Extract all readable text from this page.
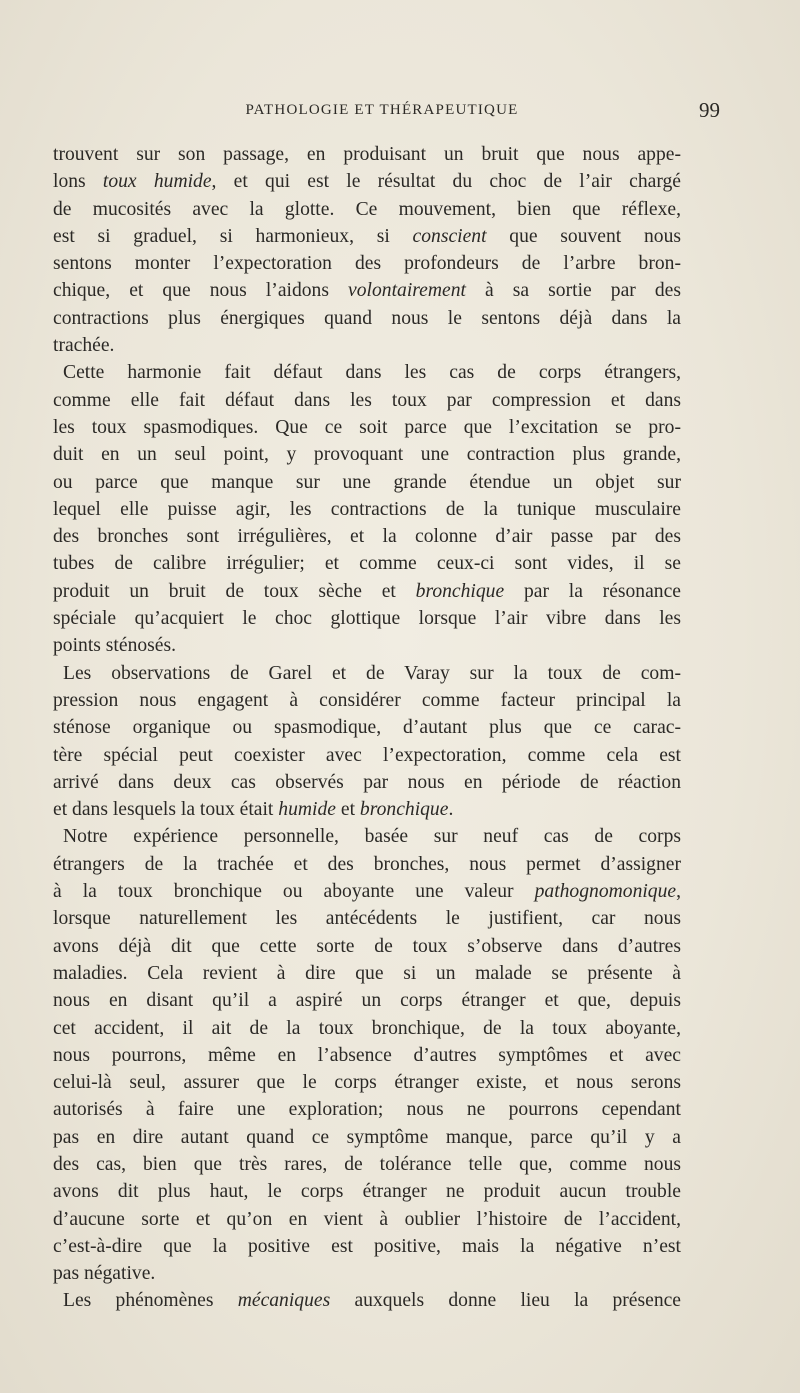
PATHOLOGIE ET THÉRAPEUTIQUE	99
trouvent sur son passage, en produisant un bruit que nous appe-
lons toux humide, et qui est le résultat du choc de l’air chargé
de mucosités avec la glotte. Ce mouvement, bien que réflexe,
est si graduel, si harmonieux, si conscient que souvent nous
sentons monter l’expectoration des profondeurs de l’arbre bron-
chique, et que nous l’aidons volontairement à sa sortie par des
contractions plus énergiques quand nous le sentons déjà dans la
trachée.
Cette harmonie fait défaut dans les cas de corps étrangers,
comme elle fait défaut dans les toux par compression et dans
les toux spasmodiques. Que ce soit parce que l’excitation se pro-
duit en un seul point, y provoquant une contraction plus grande,
ou parce que manque sur une grande étendue un objet sur
lequel elle puisse agir, les contractions de la tunique musculaire
des bronches sont irrégulières, et la colonne d’air passe par des
tubes de calibre irrégulier; et comme ceux-ci sont vides, il se
produit un bruit de toux sèche et bronchique par la résonance
spéciale qu’acquiert le choc glottique lorsque l’air vibre dans les
points sténosés.
Les observations de Garel et de Varay sur la toux de com-
pression nous engagent à considérer comme facteur principal la
sténose organique ou spasmodique, d’autant plus que ce carac-
tère spécial peut coexister avec l’expectoration, comme cela est
arrivé dans deux cas observés par nous en période de réaction
et dans lesquels la toux était humide et bronchique.
Notre expérience personnelle, basée sur neuf cas de corps
étrangers de la trachée et des bronches, nous permet d’assigner
à la toux bronchique ou aboyante une valeur pathognomonique,
lorsque naturellement les antécédents le justifient, car nous
avons déjà dit que cette sorte de toux s’observe dans d’autres
maladies. Cela revient à dire que si un malade se présente à
nous en disant qu’il a aspiré un corps étranger et que, depuis
cet accident, il ait de la toux bronchique, de la toux aboyante,
nous pourrons, même en l’absence d’autres symptômes et avec
celui-là seul, assurer que le corps étranger existe, et nous serons
autorisés à faire une exploration; nous ne pourrons cependant
pas en dire autant quand ce symptôme manque, parce qu’il y a
des cas, bien que très rares, de tolérance telle que, comme nous
avons dit plus haut, le corps étranger ne produit aucun trouble
d’aucune sorte et qu’on en vient à oublier l’histoire de l’accident,
c’est-à-dire que la positive est positive, mais la négative n’est
pas négative.
Les phénomènes mécaniques auxquels donne lieu la présence
